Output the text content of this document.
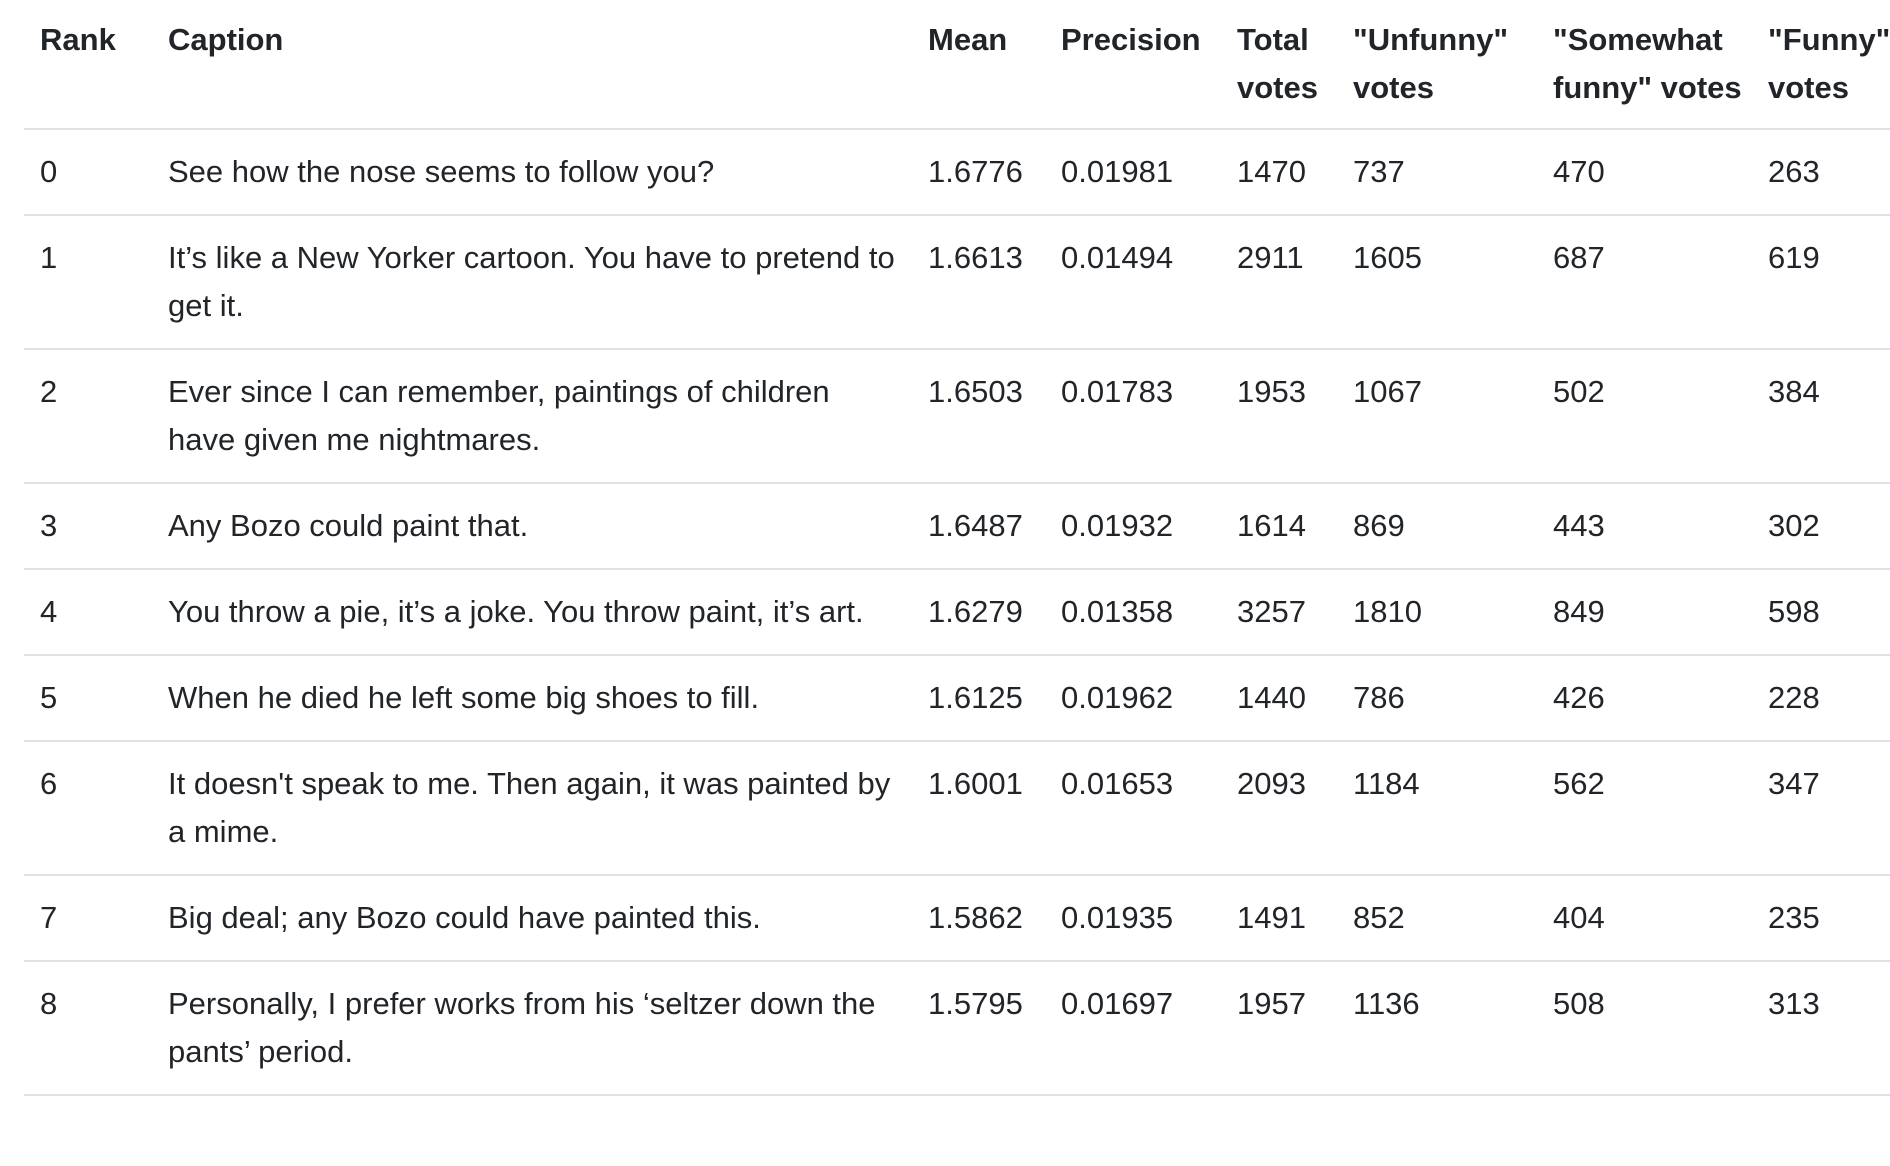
Rank	Caption	Mean	Precision	Total votes	"Unfunny" votes	"Somewhat funny" votes	"Funny" votes
0	See how the nose seems to follow you?	1.6776	0.01981	1470	737	470	263
1	It’s like a New Yorker cartoon. You have to pretend to get it.	1.6613	0.01494	2911	1605	687	619
2	Ever since I can remember, paintings of children have given me nightmares.	1.6503	0.01783	1953	1067	502	384
3	Any Bozo could paint that.	1.6487	0.01932	1614	869	443	302
4	You throw a pie, it’s a joke. You throw paint, it’s art.	1.6279	0.01358	3257	1810	849	598
5	When he died he left some big shoes to fill.	1.6125	0.01962	1440	786	426	228
6	It doesn't speak to me. Then again, it was painted by a mime.	1.6001	0.01653	2093	1184	562	347
7	Big deal; any Bozo could have painted this.	1.5862	0.01935	1491	852	404	235
8	Personally, I prefer works from his ‘seltzer down the pants’ period.	1.5795	0.01697	1957	1136	508	313
